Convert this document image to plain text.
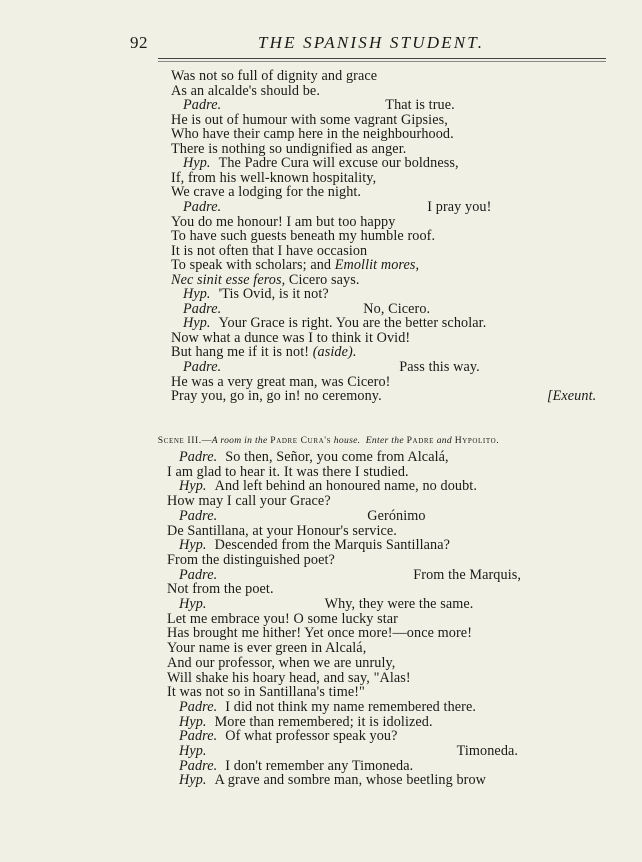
92	THE SPANISH STUDENT.
Was not so full of dignity and grace
As an alcalde's should be.
Padre.	That is true.
He is out of humour with some vagrant Gipsies,
Who have their camp here in the neighbourhood.
There is nothing so undignified as anger.
Hyp. The Padre Cura will excuse our boldness,
If, from his well-known hospitality,
We crave a lodging for the night.
Padre.	I pray you!
You do me honour! I am but too happy
To have such guests beneath my humble roof.
It is not often that I have occasion
To speak with scholars; and Emollit mores,
Nec sinit esse feros, Cicero says.
Hyp. 'Tis Ovid, is it not?
Padre.	No, Cicero.
Hyp. Your Grace is right. You are the better scholar.
Now what a dunce was I to think it Ovid!
But hang me if it is not! (aside).
Padre.	Pass this way.
He was a very great man, was Cicero!
Pray you, go in, go in! no ceremony.	[Exeunt.

Scene III.—A room in the Padre Cura's house. Enter the Padre and Hypolito.

Padre. So then, Señor, you come from Alcalá,
I am glad to hear it. It was there I studied.
Hyp. And left behind an honoured name, no doubt.
How may I call your Grace?
Padre.	Gerónimo
De Santillana, at your Honour's service.
Hyp. Descended from the Marquis Santillana?
From the distinguished poet?
Padre.	From the Marquis,
Not from the poet.
Hyp.	Why, they were the same.
Let me embrace you! O some lucky star
Has brought me hither! Yet once more!—once more!
Your name is ever green in Alcalá,
And our professor, when we are unruly,
Will shake his hoary head, and say, "Alas!
It was not so in Santillana's time!"
Padre. I did not think my name remembered there.
Hyp. More than remembered; it is idolized.
Padre. Of what professor speak you?
Hyp.	Timoneda.
Padre. I don't remember any Timoneda.
Hyp. A grave and sombre man, whose beetling brow
